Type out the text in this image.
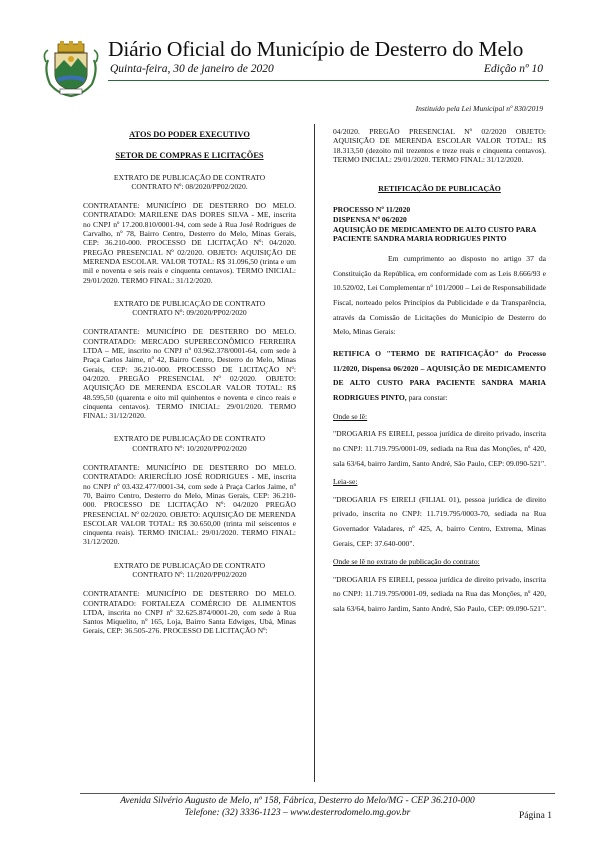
Diário Oficial do Município de Desterro do Melo
Quinta-feira, 30 de janeiro de 2020	Edição nº 10
Instituído pela Lei Municipal nº 830/2019
ATOS DO PODER EXECUTIVO
SETOR DE COMPRAS E LICITAÇÕES
EXTRATO DE PUBLICAÇÃO DE CONTRATO
CONTRATO Nº: 08/2020/PP02/2020.

CONTRATANTE: MUNICÍPIO DE DESTERRO DO MELO. CONTRATADO: MARILENE DAS DORES SILVA - ME, inscrita no CNPJ nº 17.200.810/0001-94, com sede à Rua José Rodrigues de Carvalho, nº 78, Bairro Centro, Desterro do Melo, Minas Gerais, CEP: 36.210-000. PROCESSO DE LICITAÇÃO Nº: 04/2020. PREGÃO PRESENCIAL Nº 02/2020. OBJETO: AQUISIÇÃO DE MERENDA ESCOLAR. VALOR TOTAL: R$ 31.096,50 (trinta e um mil e noventa e seis reais e cinquenta centavos). TERMO INICIAL: 29/01/2020. TERMO FINAL: 31/12/2020.

EXTRATO DE PUBLICAÇÃO DE CONTRATO
CONTRATO Nº: 09/2020/PP02/2020

CONTRATANTE: MUNICÍPIO DE DESTERRO DO MELO. CONTRATADO: MERCADO SUPERECONÔMICO FERREIRA LTDA – ME, inscrito no CNPJ nº 03.962.378/0001-64, com sede à Praça Carlos Jaime, nº 42, Bairro Centro, Desterro do Melo, Minas Gerais, CEP: 36.210-000. PROCESSO DE LICITAÇÃO Nº: 04/2020. PREGÃO PRESENCIAL Nº 02/2020. OBJETO: AQUISIÇÃO DE MERENDA ESCOLAR VALOR TOTAL: R$ 48.595,50 (quarenta e oito mil quinhentos e noventa e cinco reais e cinquenta centavos). TERMO INICIAL: 29/01/2020. TERMO FINAL: 31/12/2020.

EXTRATO DE PUBLICAÇÃO DE CONTRATO
CONTRATO Nº: 10/2020/PP02/2020

CONTRATANTE: MUNICÍPIO DE DESTERRO DO MELO. CONTRATADO: ARIERCÍLIO JOSÉ RODRIGUES - ME, inscrita no CNPJ nº 03.432.477/0001-34, com sede à Praça Carlos Jaime, nº 70, Bairro Centro, Desterro do Melo, Minas Gerais, CEP: 36.210-000. PROCESSO DE LICITAÇÃO Nº: 04/2020 PREGÃO PRESENCIAL Nº 02/2020. OBJETO: AQUISIÇÃO DE MERENDA ESCOLAR VALOR TOTAL: R$ 30.650,00 (trinta mil seiscentos e cinquenta reais). TERMO INICIAL: 29/01/2020. TERMO FINAL: 31/12/2020.

EXTRATO DE PUBLICAÇÃO DE CONTRATO
CONTRATO Nº: 11/2020/PP02/2020

CONTRATANTE: MUNICÍPIO DE DESTERRO DO MELO. CONTRATADO: FORTALEZA COMÉRCIO DE ALIMENTOS LTDA, inscrita no CNPJ nº 32.625.874/0001-20, com sede à Rua Santos Miquelito, nº 165, Loja, Bairro Santa Edwiges, Ubá, Minas Gerais, CEP: 36.505-276. PROCESSO DE LICITAÇÃO Nº:

04/2020. PREGÃO PRESENCIAL Nº 02/2020 OBJETO: AQUISIÇÃO DE MERENDA ESCOLAR VALOR TOTAL: R$ 18.313,50 (dezoito mil trezentos e treze reais e cinquenta centavos). TERMO INICIAL: 29/01/2020. TERMO FINAL: 31/12/2020.

RETIFICAÇÃO DE PUBLICAÇÃO
PROCESSO Nº 11/2020
DISPENSA Nº 06/2020
AQUISIÇÃO DE MEDICAMENTO DE ALTO CUSTO PARA PACIENTE SANDRA MARIA RODRIGUES PINTO

Em cumprimento ao disposto no artigo 37 da Constituição da República, em conformidade com as Leis 8.666/93 e 10.520/02, Lei Complementar nº 101/2000 – Lei de Responsabilidade Fiscal, norteado pelos Princípios da Publicidade e da Transparência, através da Comissão de Licitações do Município de Desterro do Melo, Minas Gerais:

RETIFICA O "TERMO DE RATIFICAÇÃO" do Processo 11/2020, Dispensa 06/2020 – AQUISIÇÃO DE MEDICAMENTO DE ALTO CUSTO PARA PACIENTE SANDRA MARIA RODRIGUES PINTO, para constar:

Onde se lê:

"DROGARIA FS EIRELI, pessoa jurídica de direito privado, inscrita no CNPJ: 11.719.795/0001-09, sediada na Rua das Monções, nº 420, sala 63/64, bairro Jardim, Santo André, São Paulo, CEP: 09.090-521".

Leia-se:

"DROGARIA FS EIRELI (FILIAL 01), pessoa jurídica de direito privado, inscrita no CNPJ: 11.719.795/0003-70, sediada na Rua Governador Valadares, nº 425, A, bairro Centro, Extrema, Minas Gerais, CEP: 37.640-000".

Onde se lê no extrato de publicação do contrato:

"DROGARIA FS EIRELI, pessoa jurídica de direito privado, inscrita no CNPJ: 11.719.795/0001-09, sediada na Rua das Monções, nº 420, sala 63/64, bairro Jardim, Santo André, São Paulo, CEP: 09.090-521".

Avenida Silvério Augusto de Melo, nº 158, Fábrica, Desterro do Melo/MG - CEP 36.210-000
Telefone: (32) 3336-1123 – www.desterrodomelo.mg.gov.br	Página 1
